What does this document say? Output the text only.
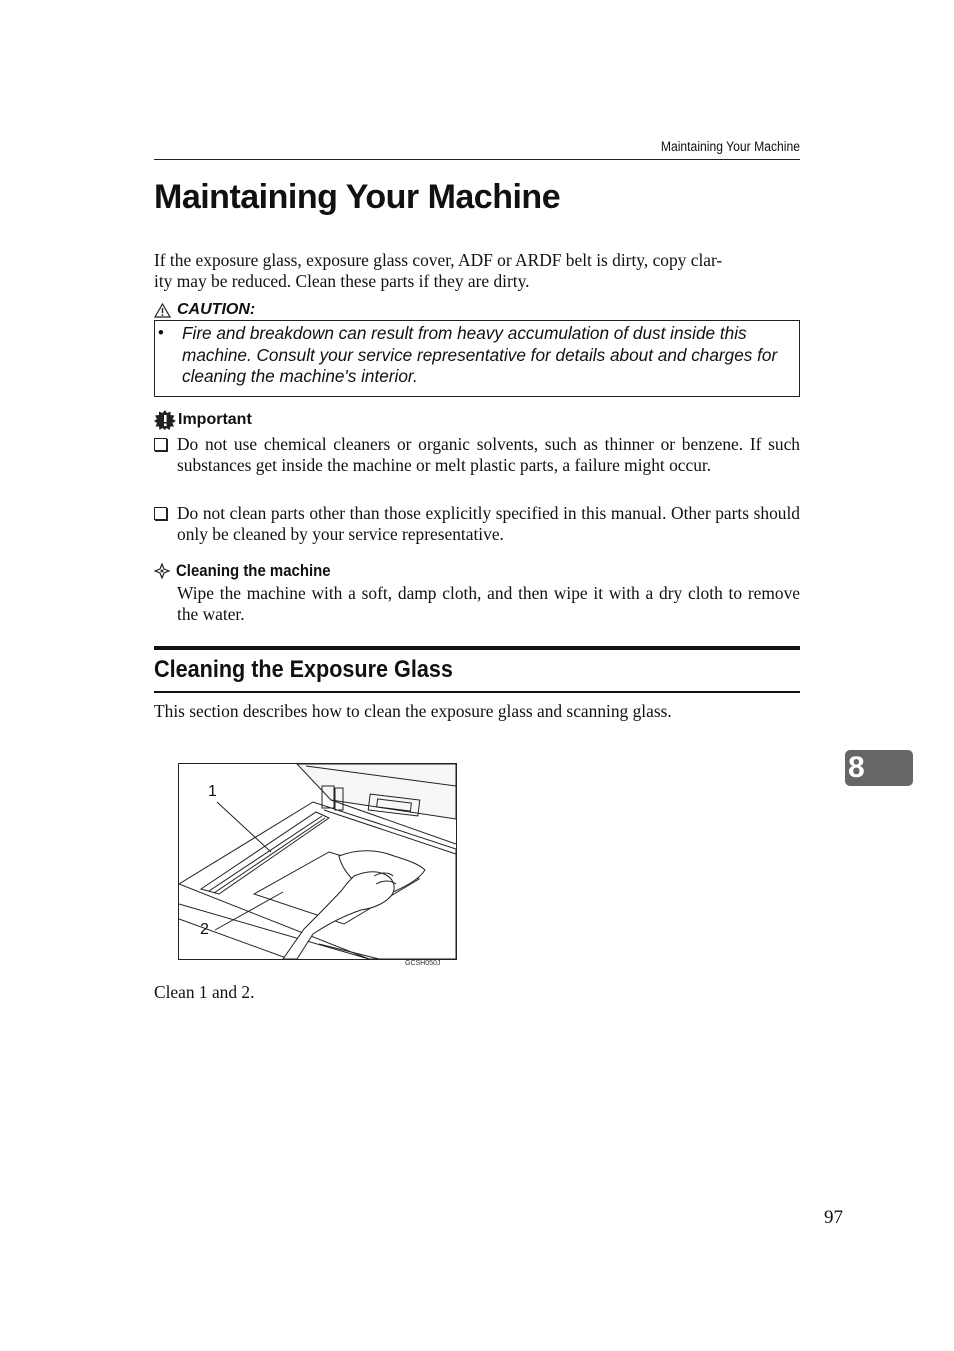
Maintaining Your Machine
Maintaining Your Machine
If the exposure glass, exposure glass cover, ADF or ARDF belt is dirty, copy clar-
ity may be reduced. Clean these parts if they are dirty.
CAUTION:
• Fire and breakdown can result from heavy accumulation of dust inside this machine. Consult your service representative for details about and charges for cleaning the machine's interior.
Important
Do not use chemical cleaners or organic solvents, such as thinner or benzene. If such substances get inside the machine or melt plastic parts, a failure might occur.
Do not clean parts other than those explicitly specified in this manual. Other parts should only be cleaned by your service representative.
Cleaning the machine
Wipe the machine with a soft, damp cloth, and then wipe it with a dry cloth to remove the water.
Cleaning the Exposure Glass
This section describes how to clean the exposure glass and scanning glass.
1
2
GCSH050J
Clean 1 and 2.
8
97
